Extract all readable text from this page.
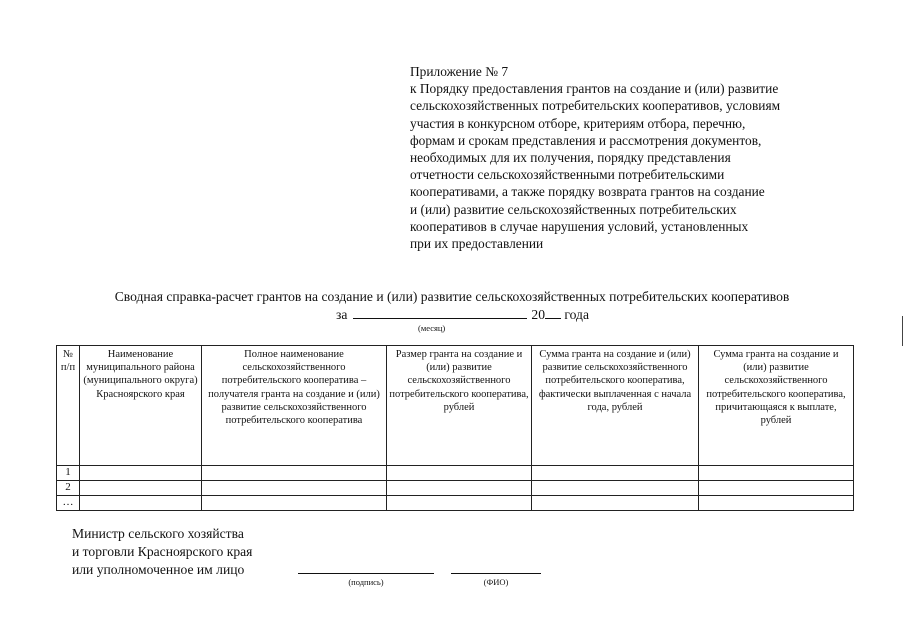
Приложение № 7
к Порядку предоставления грантов на создание и (или) развитие
сельскохозяйственных потребительских кооперативов, условиям
участия в конкурсном отборе, критериям отбора, перечню,
формам и срокам представления и рассмотрения документов,
необходимых для их получения, порядку представления
отчетности сельскохозяйственными потребительскими
кооперативами, а также порядку возврата грантов на создание
и (или) развитие сельскохозяйственных потребительских
кооперативов в случае нарушения условий, установленных
при их предоставлении
Сводная справка-расчет грантов на создание и (или) развитие сельскохозяйственных потребительских кооперативов
за	20 года
(месяц)
№ п/п	Наименование муниципального района (муниципального округа) Красноярского края	Полное наименование сельскохозяйственного потребительского кооператива – получателя гранта на создание и (или) развитие сельскохозяйственного потребительского кооператива	Размер гранта на создание и (или) развитие сельскохозяйственного потребительского кооператива, рублей	Сумма гранта на создание и (или) развитие сельскохозяйственного потребительского кооператива, фактически выплаченная с начала года, рублей	Сумма гранта на создание и (или) развитие сельскохозяйственного потребительского кооператива, причитающаяся к выплате, рублей
1					
2					
…					
Министр сельского хозяйства
и торговли Красноярского края
или уполномоченное им лицо
(подпись)	(ФИО)
